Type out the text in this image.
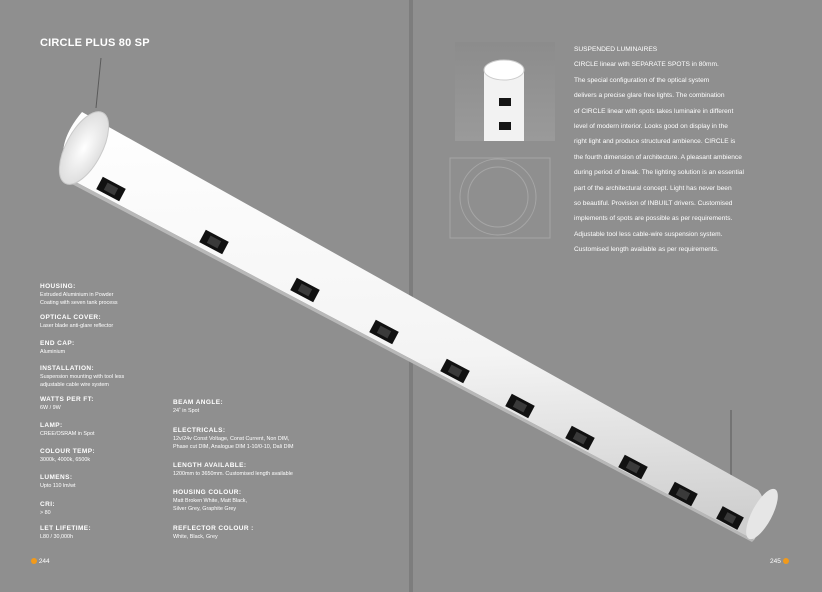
CIRCLE PLUS 80 SP
HOUSING:
Extruded Aluminium in Powder
Coating with seven tank process
OPTICAL COVER:
Laser blade anti-glare reflector
END CAP:
Aluminium
INSTALLATION:
Suspension mounting with tool less
adjustable cable wire system
WATTS PER FT:
6W / 9W
LAMP:
CREE/OSRAM in Spot
COLOUR TEMP:
3000k, 4000k, 6500k
LUMENS:
Upto 110 lm/wt
CRI:
> 80
LET LIFETIME:
L80 / 30,000h
BEAM ANGLE:
24˚ in Spot
ELECTRICALS:
12v/24v Const Voltage, Const Current, Non DIM,
Phase cut DIM, Analogue DIM 1-10/0-10, Dali DIM
LENGTH AVAILABLE:
1200mm to 3650mm. Customised length available
HOUSING COLOUR:
Matt Broken White, Matt Black,
Silver Grey, Graphite Grey
REFLECTOR COLOUR :
White, Black, Grey
SUSPENDED LUMINAIRES
CIRCLE linear with SEPARATE SPOTS in 80mm.
The special configuration of the optical system
delivers a precise glare free lights. The combination
of CIRCLE linear with spots takes luminaire in different
level of modern interior. Looks good on display in the
right light and produce structured ambience. CIRCLE is
the fourth dimension of architecture. A pleasant ambience
during period of break. The lighting solution is an essential
part of the architectural concept. Light has never been
so beautiful. Provision of INBUILT drivers. Customised
implements of spots are possible as per requirements.
Adjustable tool less cable-wire suspension system.
Customised length available as per requirements.
244	245
